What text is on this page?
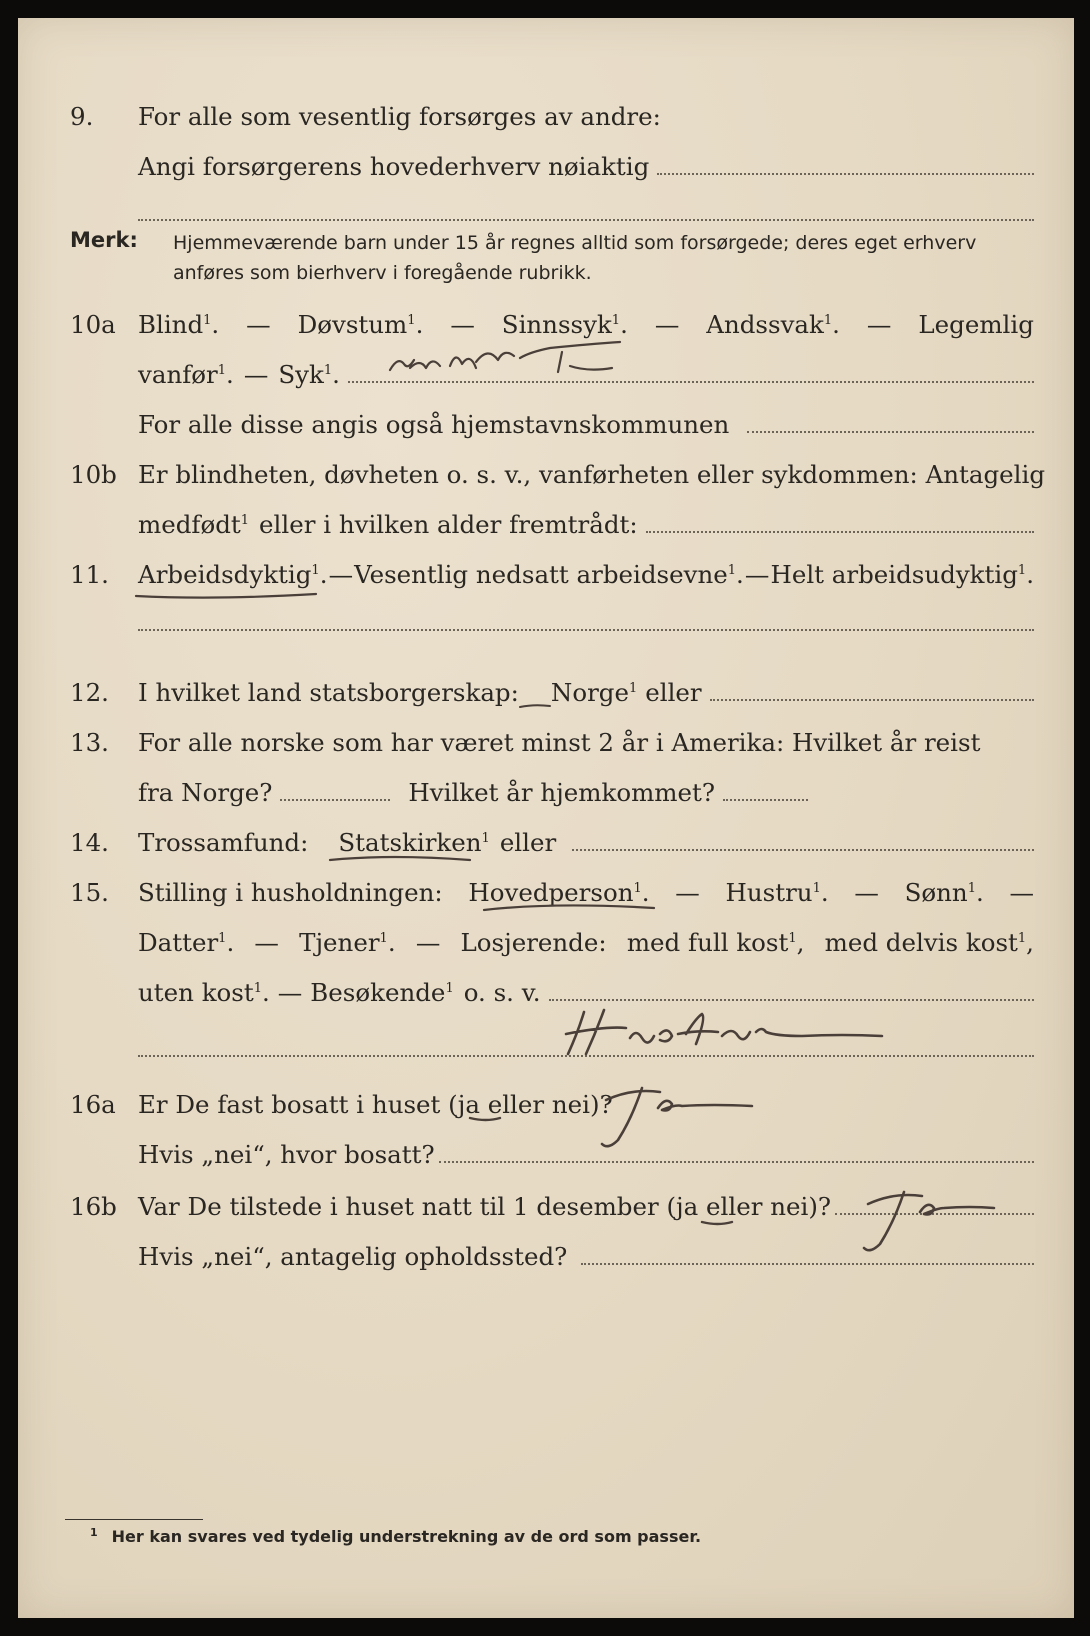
9. For alle som vesentlig forsørges av andre:
Angi forsørgerens hovederhverv nøiaktig
Merk: Hjemmeværende barn under 15 år regnes alltid som forsørgede; deres eget erhverv
anføres som bierhverv i foregående rubrikk.
10a Blind$^1$. — Døvstum$^1$. — Sinnssyk$^1$. — Andssvak$^1$. — Legemlig
vanfør$^1$. — Syk$^1$.
For alle disse angis også hjemstavnskommunen
10b Er blindheten, døvheten o. s. v., vanførheten eller sykdommen: Antagelig
medfødt$^1$ eller i hvilken alder fremtrådt:
11. Arbeidsdyktig$^1$. — Vesentlig nedsatt arbeidsevne$^1$. — Helt arbeidsudyktig$^1$.
12. I hvilket land statsborgerskap: Norge$^1$ eller
13. For alle norske som har været minst 2 år i Amerika: Hvilket år reist
fra Norge?	Hvilket år hjemkommet?
14. Trossamfund: Statskirken$^1$ eller
15. Stilling i husholdningen: Hovedperson$^1$. — Hustru$^1$. — Sønn$^1$. —
Datter$^1$. — Tjener$^1$. — Losjerende: med full kost$^1$, med delvis kost$^1$,
uten kost$^1$. — Besøkende$^1$ o. s. v.
16a Er De fast bosatt i huset (ja eller nei)?
Hvis „nei“, hvor bosatt?
16b Var De tilstede i huset natt til 1 desember (ja eller nei)?
Hvis „nei“, antagelig opholdssted?
$^1$ Her kan svares ved tydelig understrekning av de ord som passer.
